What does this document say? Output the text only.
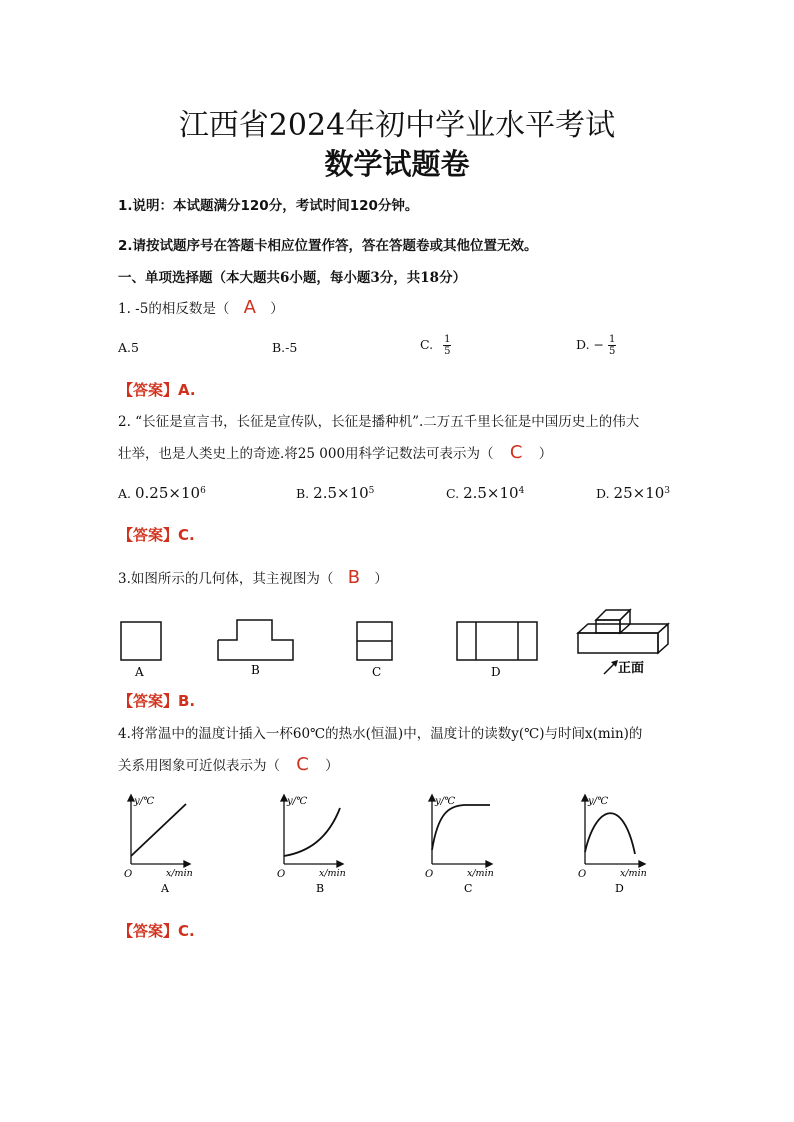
江西省2024年初中学业水平考试
数学试题卷
1.说明：本试题满分120分，考试时间120分钟。
2.请按试题序号在答题卡相应位置作答，答在答题卷或其他位置无效。
一、单项选择题（本大题共6小题，每小题3分，共18分）
1. -5的相反数是（ A ）
A.5	B.-5	C. $\frac{1}{5}$	D. − $\frac{1}{5}$
【答案】A.
2. “长征是宣言书，长征是宣传队，长征是播种机”.二万五千里长征是中国历史上的伟大
壮举，也是人类史上的奇迹.将25 000用科学记数法可表示为（ C ）
A. $0.25\times 10^6$	B. $2.5\times 10^5$	C. $2.5\times 10^4$	D. $25\times 10^3$
【答案】C.
3.如图所示的几何体，其主视图为（ B ）
A	B	C	D	正面
【答案】B.
4.将常温中的温度计插入一杯60℃的热水(恒温)中，温度计的读数y(℃)与时间x(min)的
关系用图象可近似表示为（ C ）
y/℃
O	x/min
A
y/℃
O	x/min
B
y/℃
O	x/min
C
y/℃
O	x/min
D
【答案】C.
